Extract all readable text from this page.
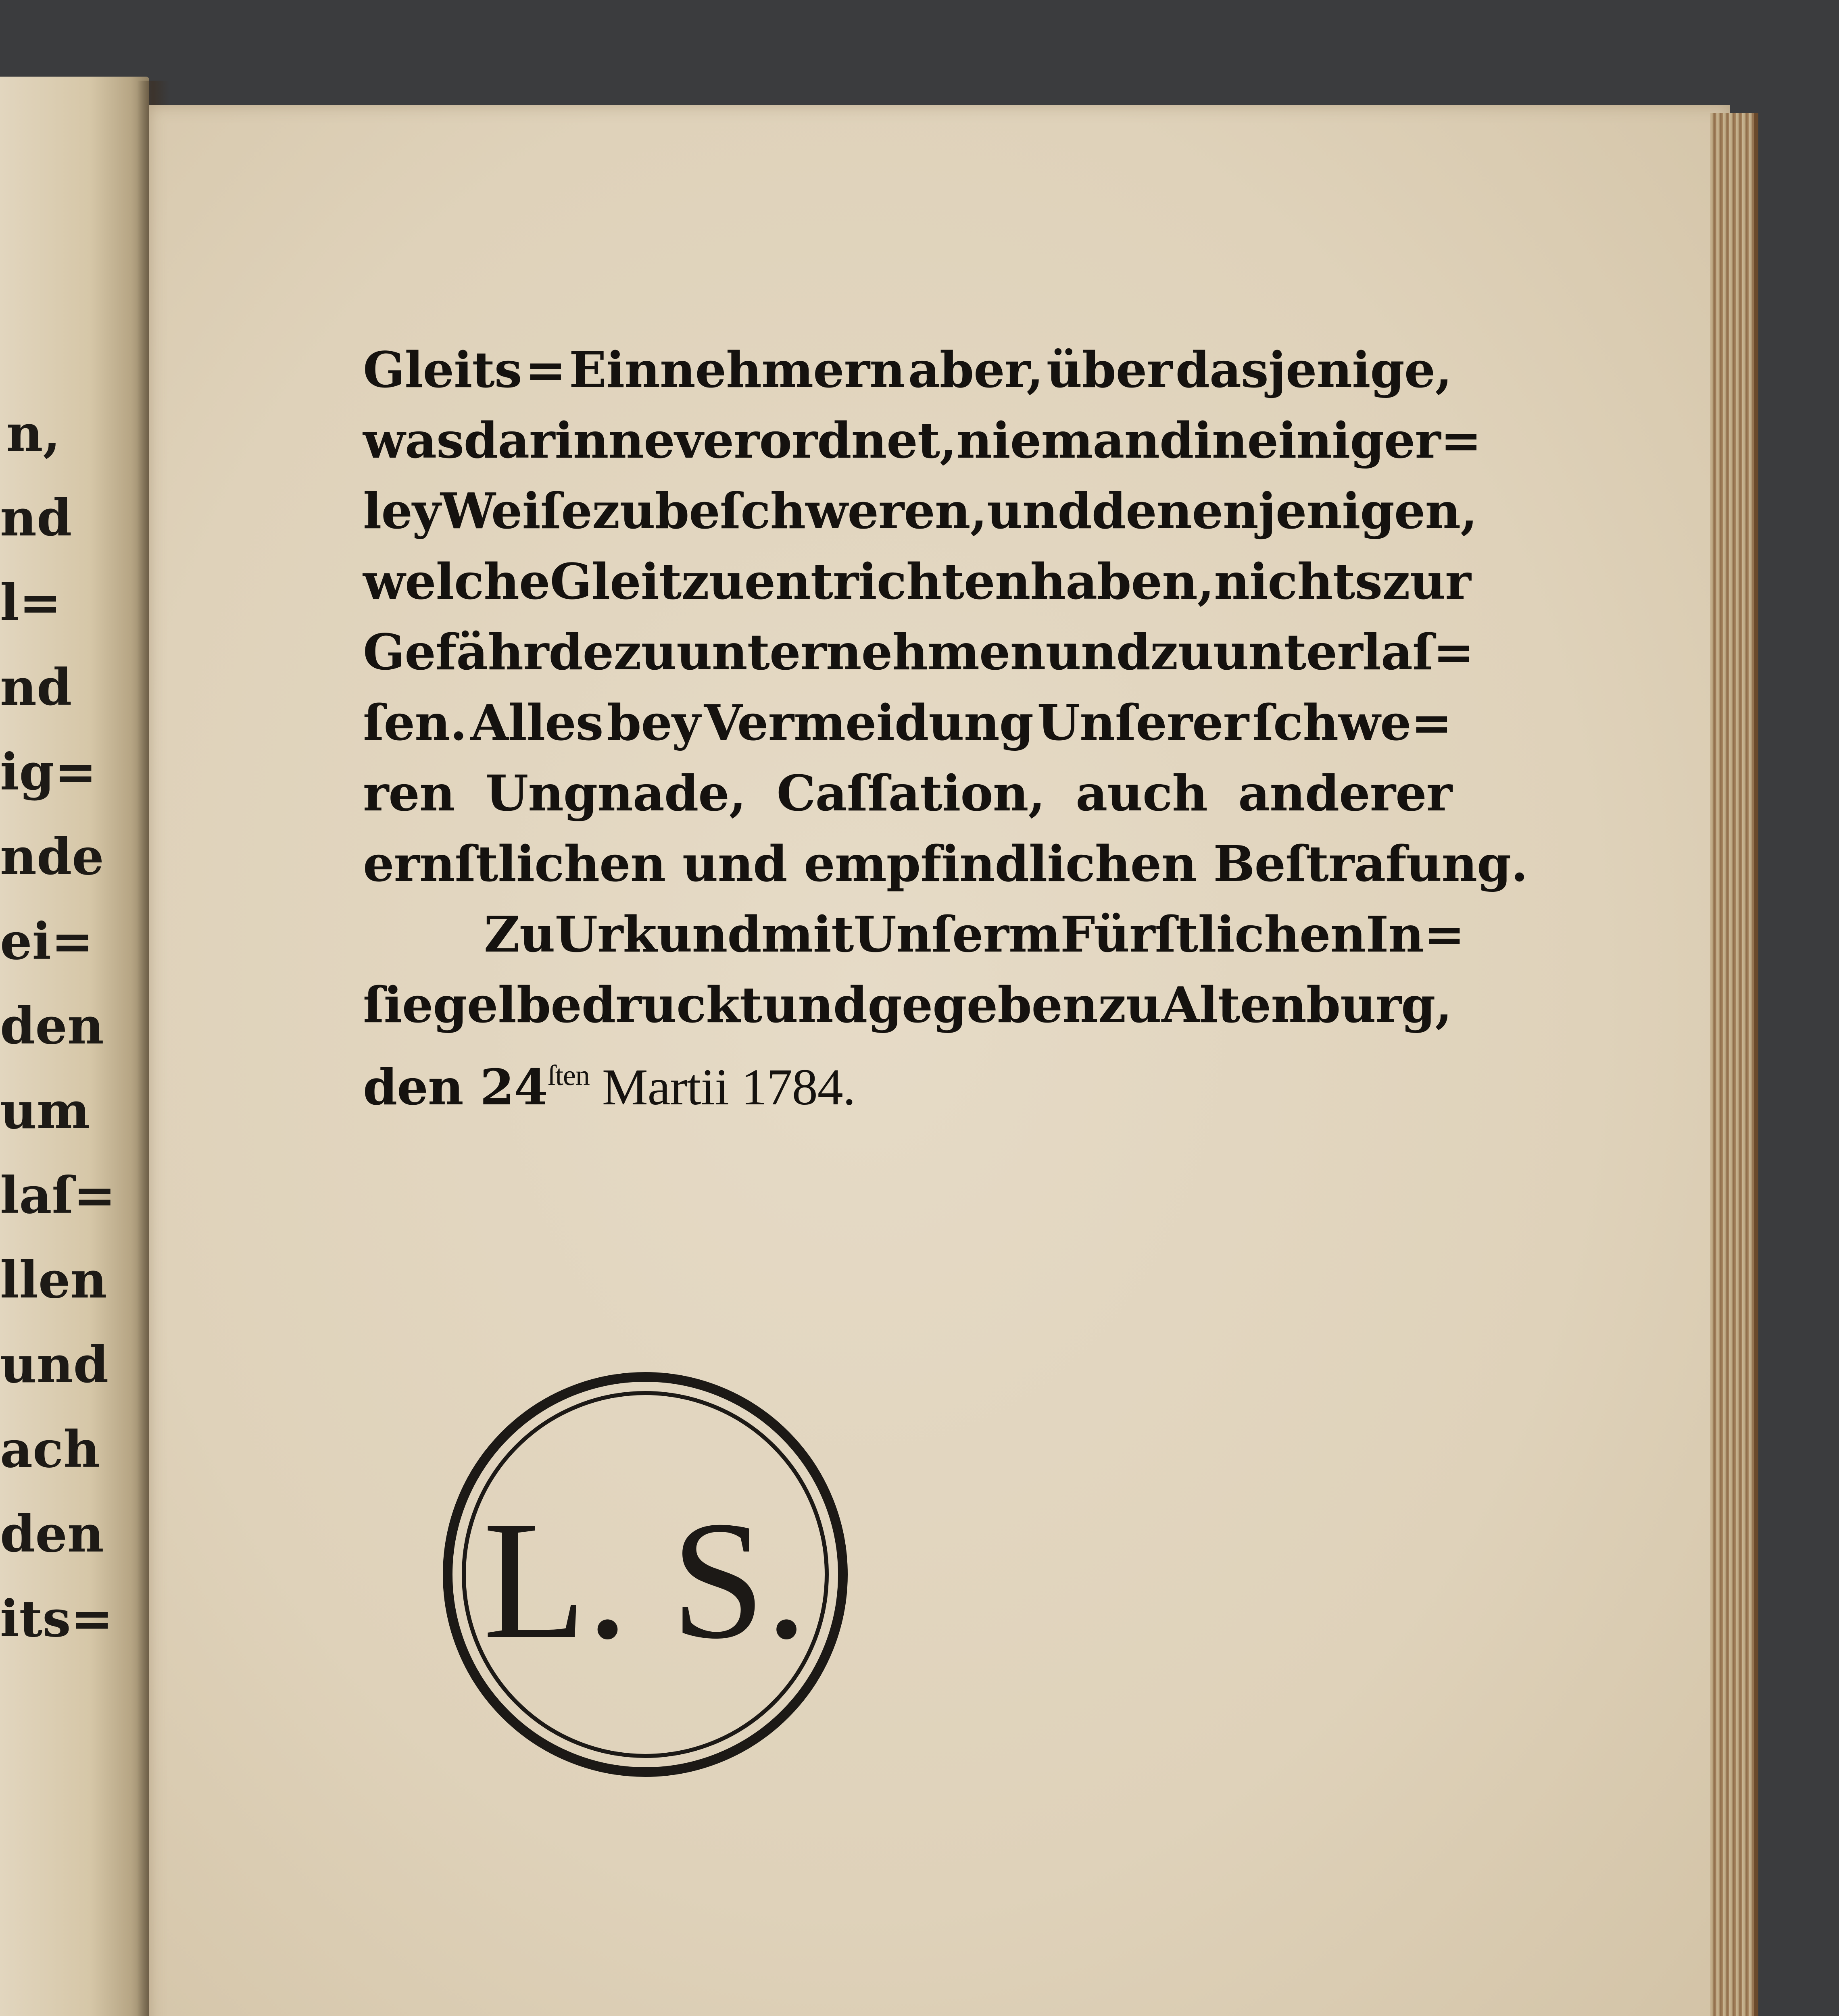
n,
nd
l=
nd
ig=
nde
ei=
den
um
laſ=
llen
und
ach
den
its=
Gleits = Einnehmern aber, über dasjenige,
was darinne verordnet, niemand in einiger=
ley Weiſe zu beſchweren, und denenjenigen,
welche Gleit zu entrichten haben, nichts zur
Gefährde zu unternehmen und zu unterlaſ=
ſen. Alles bey Vermeidung Unſerer ſchwe=
ren Ungnade, Caſſation, auch anderer
ernſtlichen und empfindlichen Beſtrafung.
Zu Urkund mit Unſerm Fürſtlichen In=
ſiegel bedruckt und gegeben zu Altenburg,
den $24^{ſten}$ Martii 1784.
L. S.
